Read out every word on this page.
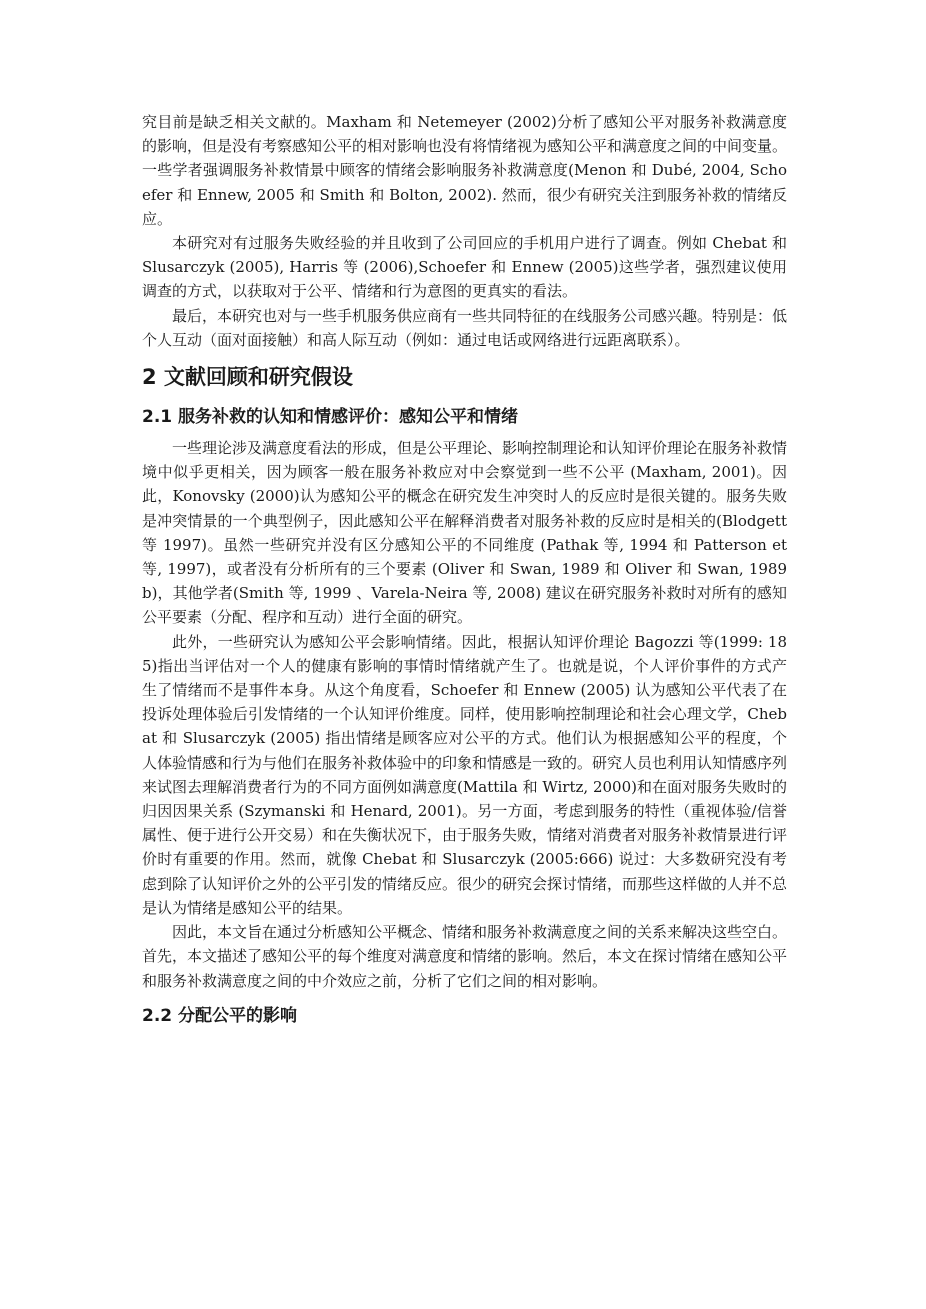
究目前是缺乏相关文献的。Maxham 和 Netemeyer (2002)分析了感知公平对服务补救满意度的影响，但是没有考察感知公平的相对影响也没有将情绪视为感知公平和满意度之间的中间变量。一些学者强调服务补救情景中顾客的情绪会影响服务补救满意度(Menon 和 Dubé, 2004, Schoefer 和 Ennew, 2005 和 Smith 和 Bolton, 2002). 然而，很少有研究关注到服务补救的情绪反应。

本研究对有过服务失败经验的并且收到了公司回应的手机用户进行了调查。例如 Chebat 和 Slusarczyk (2005), Harris 等 (2006),Schoefer 和 Ennew (2005)这些学者，强烈建议使用调查的方式，以获取对于公平、情绪和行为意图的更真实的看法。

最后，本研究也对与一些手机服务供应商有一些共同特征的在线服务公司感兴趣。特别是：低个人互动（面对面接触）和高人际互动（例如：通过电话或网络进行远距离联系）。

2 文献回顾和研究假设
2.1 服务补救的认知和情感评价：感知公平和情绪

一些理论涉及满意度看法的形成，但是公平理论、影响控制理论和认知评价理论在服务补救情境中似乎更相关，因为顾客一般在服务补救应对中会察觉到一些不公平 (Maxham, 2001)。因此，Konovsky (2000)认为感知公平的概念在研究发生冲突时人的反应时是很关键的。服务失败是冲突情景的一个典型例子，因此感知公平在解释消费者对服务补救的反应时是相关的(Blodgett 等 1997)。虽然一些研究并没有区分感知公平的不同维度 (Pathak 等, 1994 和 Patterson et 等, 1997)，或者没有分析所有的三个要素 (Oliver 和 Swan, 1989 和 Oliver 和 Swan, 1989b)，其他学者(Smith 等, 1999 、Varela-Neira 等, 2008) 建议在研究服务补救时对所有的感知公平要素（分配、程序和互动）进行全面的研究。

此外，一些研究认为感知公平会影响情绪。因此，根据认知评价理论 Bagozzi 等(1999: 185)指出当评估对一个人的健康有影响的事情时情绪就产生了。也就是说，个人评价事件的方式产生了情绪而不是事件本身。从这个角度看，Schoefer 和 Ennew (2005) 认为感知公平代表了在投诉处理体验后引发情绪的一个认知评价维度。同样，使用影响控制理论和社会心理文学，Chebat 和 Slusarczyk (2005) 指出情绪是顾客应对公平的方式。他们认为根据感知公平的程度，个人体验情感和行为与他们在服务补救体验中的印象和情感是一致的。研究人员也利用认知情感序列来试图去理解消费者行为的不同方面例如满意度(Mattila 和 Wirtz, 2000)和在面对服务失败时的归因因果关系 (Szymanski 和 Henard, 2001)。另一方面，考虑到服务的特性（重视体验/信誉属性、便于进行公开交易）和在失衡状况下，由于服务失败，情绪对消费者对服务补救情景进行评价时有重要的作用。然而，就像 Chebat 和 Slusarczyk (2005:666) 说过：大多数研究没有考虑到除了认知评价之外的公平引发的情绪反应。很少的研究会探讨情绪，而那些这样做的人并不总是认为情绪是感知公平的结果。

因此，本文旨在通过分析感知公平概念、情绪和服务补救满意度之间的关系来解决这些空白。首先，本文描述了感知公平的每个维度对满意度和情绪的影响。然后，本文在探讨情绪在感知公平和服务补救满意度之间的中介效应之前，分析了它们之间的相对影响。

2.2 分配公平的影响
